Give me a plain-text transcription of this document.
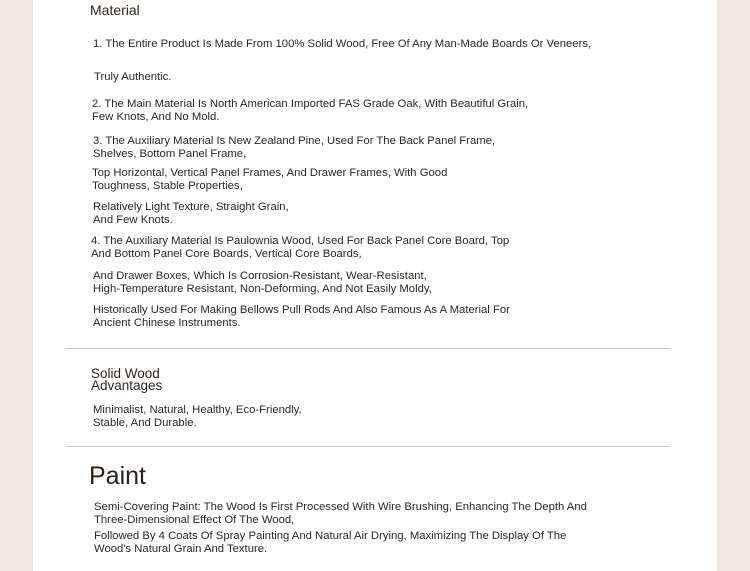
Material
1. The Entire Product Is Made From 100% Solid Wood, Free Of Any Man-Made Boards Or Veneers,
Truly Authentic.
2. The Main Material Is North American Imported FAS Grade Oak, With Beautiful Grain,
Few Knots, And No Mold.
3. The Auxiliary Material Is New Zealand Pine, Used For The Back Panel Frame,
Shelves, Bottom Panel Frame,
Top Horizontal, Vertical Panel Frames, And Drawer Frames, With Good
Toughness, Stable Properties,
Relatively Light Texture, Straight Grain,
And Few Knots.
4. The Auxiliary Material Is Paulownia Wood, Used For Back Panel Core Board, Top
And Bottom Panel Core Boards, Vertical Core Boards,
And Drawer Boxes, Which Is Corrosion-Resistant, Wear-Resistant,
High-Temperature Resistant, Non-Deforming, And Not Easily Moldy,
Historically Used For Making Bellows Pull Rods And Also Famous As A Material For
Ancient Chinese Instruments.
Solid Wood
Advantages
Minimalist, Natural, Healthy, Eco-Friendly,
Stable, And Durable.
Paint
Semi-Covering Paint: The Wood Is First Processed With Wire Brushing, Enhancing The Depth And
Three-Dimensional Effect Of The Wood,
Followed By 4 Coats Of Spray Painting And Natural Air Drying, Maximizing The Display Of The
Wood's Natural Grain And Texture.
